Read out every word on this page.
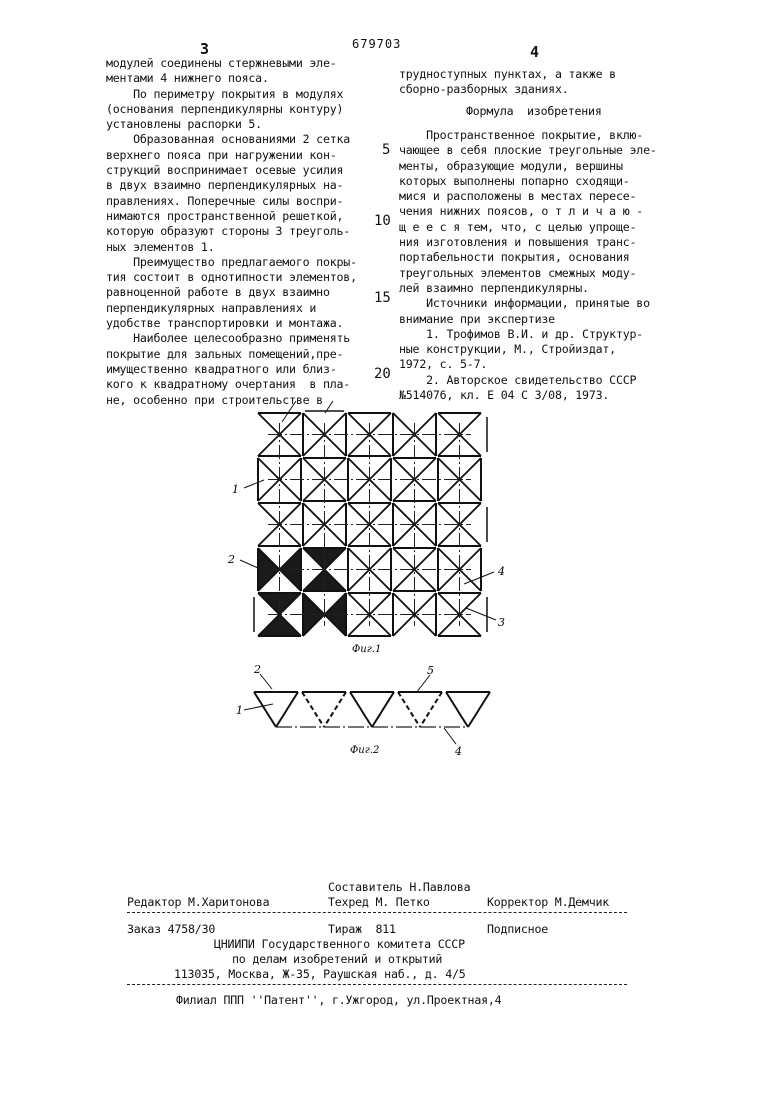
3	679703	4
модулей соединены стержневыми эле-
ментами 4 нижнего пояса.
По периметру покрытия в модулях
(основания перпендикулярны контуру)
установлены распорки 5.
Образованная основаниями 2 сетка
верхнего пояса при нагружении кон-
струкций воспринимает осевые усилия
в двух взаимно перпендикулярных на-
правлениях. Поперечные силы воспри-
нимаются пространственной решеткой,
которую образуют стороны 3 треуголь-
ных элементов 1.
Преимущество предлагаемого покры-
тия состоит в однотипности элементов,
равноценной работе в двух взаимно
перпендикулярных направлениях и
удобстве транспортировки и монтажа.
Наиболее целесообразно применять
покрытие для зальных помещений,пре-
имущественно квадратного или близ-
кого к квадратному очертания  в пла-
не, особенно при строительстве в
5
10
15
20
трудноступных пунктах, а также в
сборно-разборных зданиях.
Формула  изобретения
Пространственное покрытие, вклю-
чающее в себя плоские треугольные эле-
менты, образующие модули, вершины
которых выполнены попарно сходящи-
мися и расположены в местах пересе-
чения нижних поясов, о т л и ч а ю -
щ е е с я тем, что, с целью упроще-
ния изготовления и повышения транс-
портабельности покрытия, основания
треугольных элементов смежных моду-
лей взаимно перпендикулярны.
Источники информации, принятые во
внимание при экспертизе
1. Трофимов В.И. и др. Структур-
ные конструкции, М., Стройиздат,
1972, с. 5-7.
2. Авторское свидетельство СССР
№514076, кл. Е 04 С 3/08, 1973.
1
2
4
3
Фиг.1
2
1
5
4
Фиг.2
Составитель Н.Павлова
Редактор М.Харитонова	Техред М. Петко	Корректор М.Демчик
Заказ 4758/30	Тираж  811	Подписное
ЦНИИПИ Государственного комитета СССР
по делам изобретений и открытий
113035, Москва, Ж-35, Раушская наб., д. 4/5
Филиал ППП ''Патент'', г.Ужгород, ул.Проектная,4
